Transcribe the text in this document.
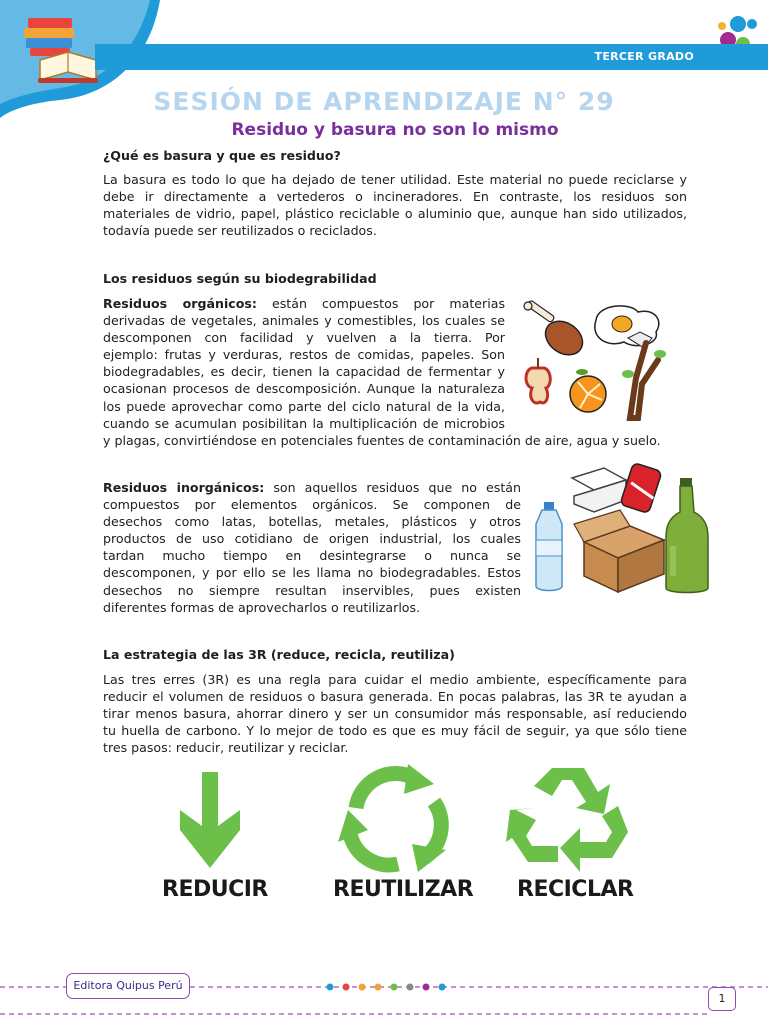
TERCER GRADO
SESIÓN DE APRENDIZAJE N° 29
Residuo y basura no son lo mismo
¿Qué es basura y que es residuo?
La basura es todo lo que ha dejado de tener utilidad. Este material no puede reciclarse y
debe ir directamente a vertederos o incineradores. En contraste, los residuos son
materiales de vidrio, papel, plástico reciclable o aluminio que, aunque han sido utilizados,
todavía puede ser reutilizados o reciclados.
Los residuos según su biodegrabilidad
Residuos orgánicos: están compuestos por materias
derivadas de vegetales, animales y comestibles, los cuales se
descomponen con facilidad y vuelven a la tierra. Por
ejemplo: frutas y verduras, restos de comidas, papeles. Son
biodegradables, es decir, tienen la capacidad de fermentar y
ocasionan procesos de descomposición. Aunque la naturaleza
los puede aprovechar como parte del ciclo natural de la vida,
cuando se acumulan posibilitan la multiplicación de microbios
y plagas, convirtiéndose en potenciales fuentes de contaminación de aire, agua y suelo.
Residuos inorgánicos: son aquellos residuos que no están
compuestos por elementos orgánicos. Se componen de
desechos como latas, botellas, metales, plásticos y otros
productos de uso cotidiano de origen industrial, los cuales
tardan mucho tiempo en desintegrarse o nunca se
descomponen, y por ello se les llama no biodegradables. Estos
desechos no siempre resultan inservibles, pues existen
diferentes formas de aprovecharlos o reutilizarlos.
La estrategia de las 3R (reduce, recicla, reutiliza)
Las tres erres (3R) es una regla para cuidar el medio ambiente, específicamente para
reducir el volumen de residuos o basura generada. En pocas palabras, las 3R te ayudan a
tirar menos basura, ahorrar dinero y ser un consumidor más responsable, así reduciendo
tu huella de carbono. Y lo mejor de todo es que es muy fácil de seguir, ya que sólo tiene
tres pasos: reducir, reutilizar y reciclar.
REDUCIR	REUTILIZAR RECICLAR
Editora Quipus Perú
1
